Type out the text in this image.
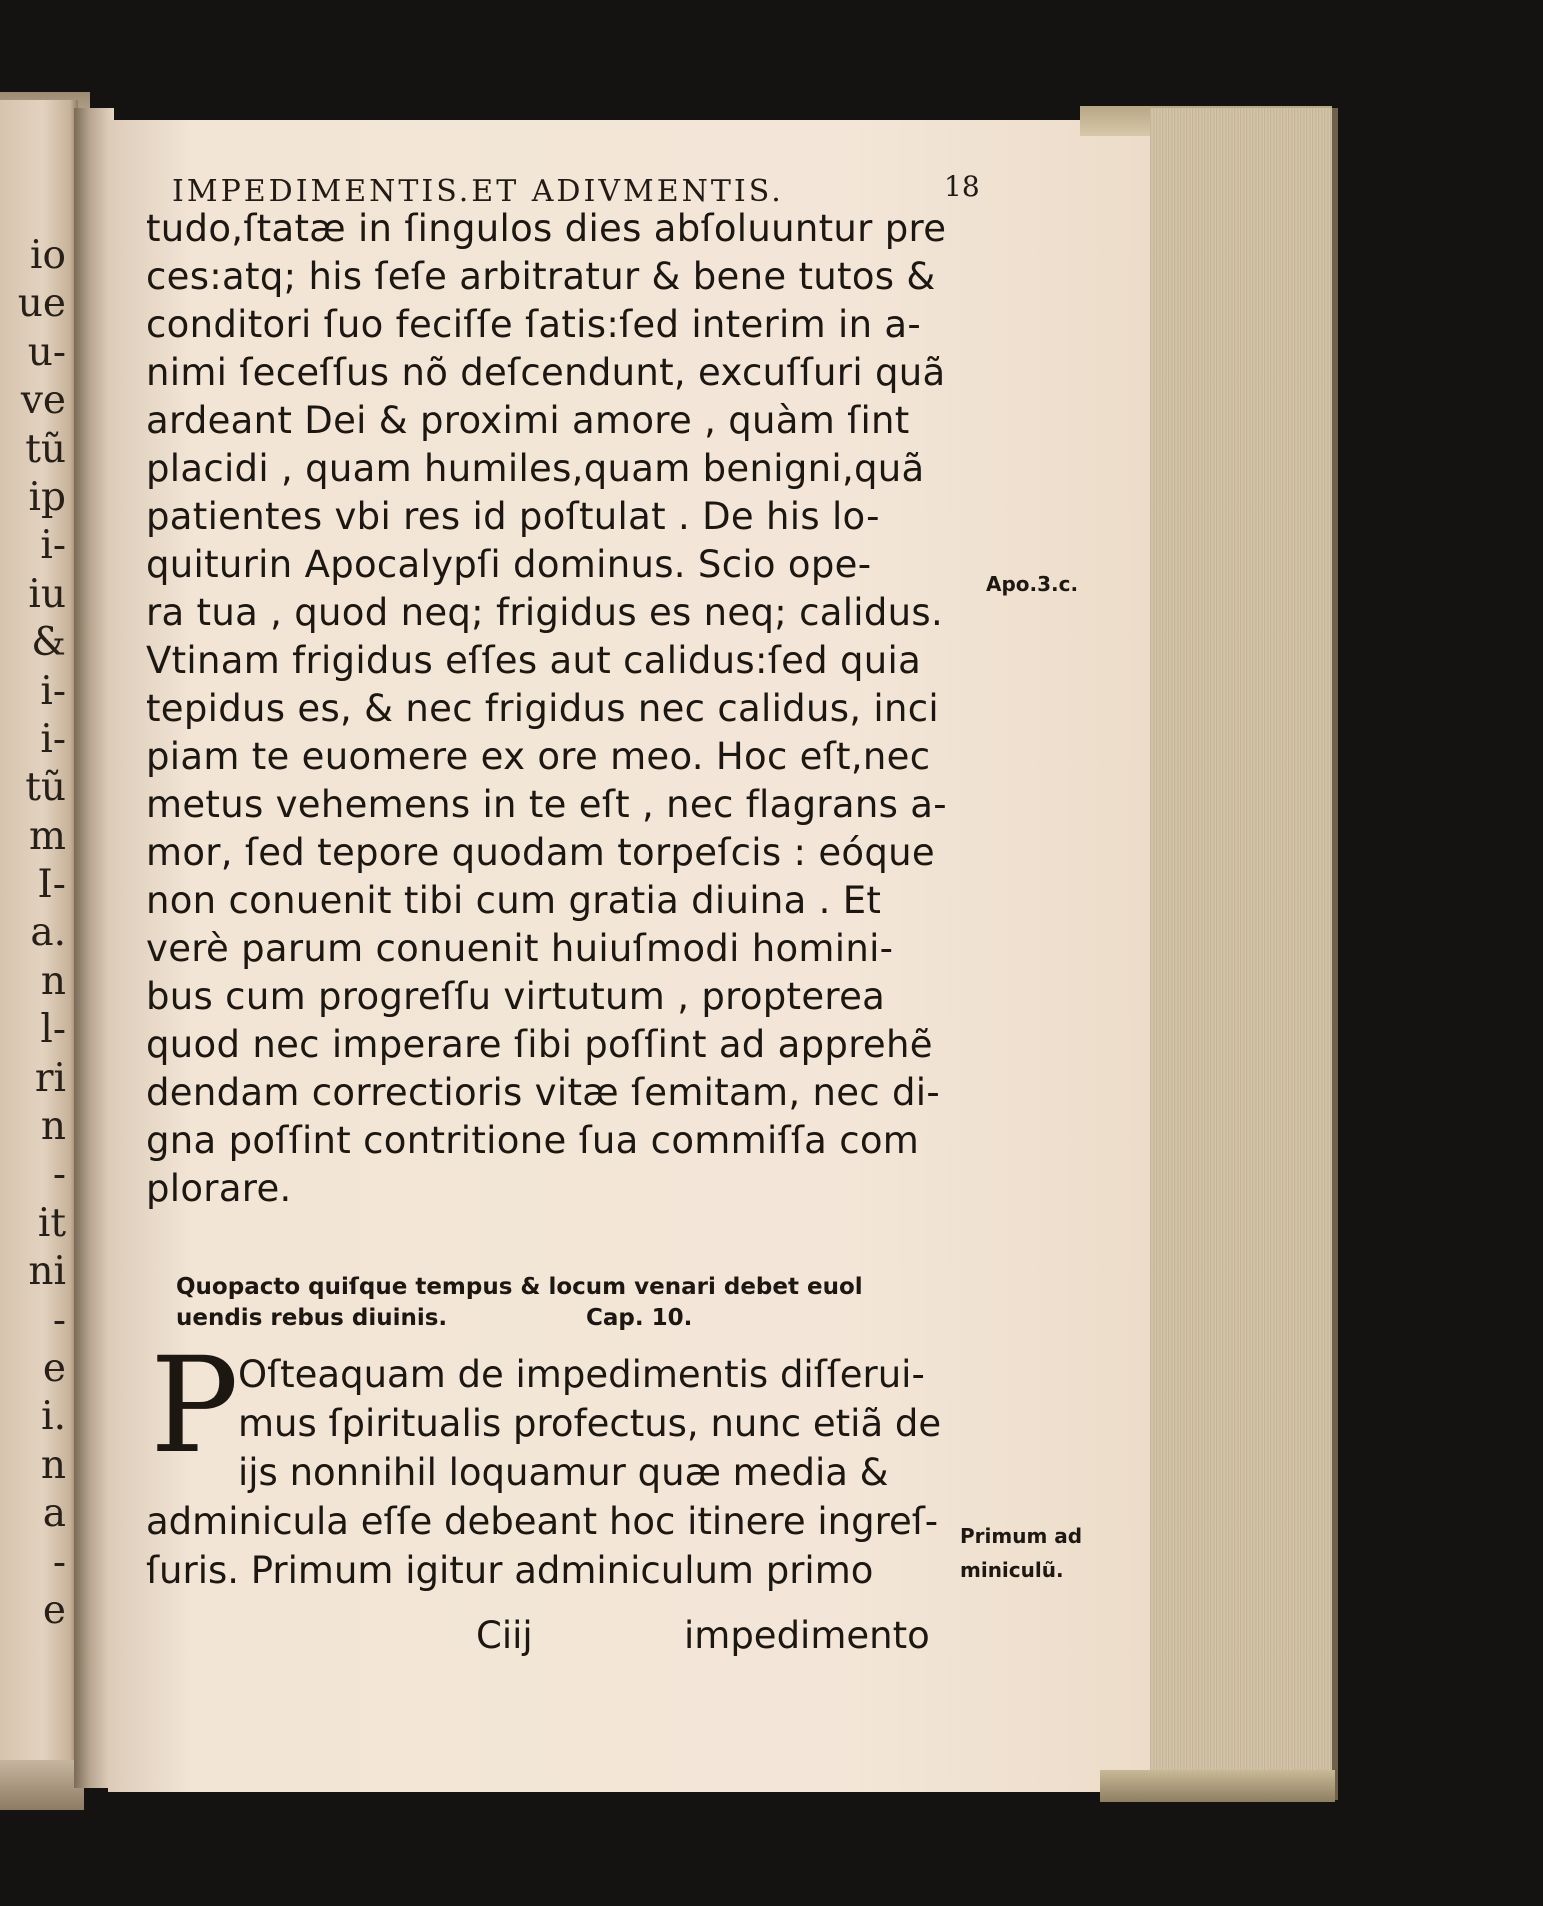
io
ue
u-
ve
tũ
ip
i-
iu
&
i-
i-
tũ
m
I-
a.
n
l-
ri
n
-
it
ni
-
e
i.
n
a
-
e
IMPEDIMENTIS.ET ADIVMENTIS.	18
tudo,ſtatæ in ſingulos dies abſoluuntur pre
ces:atq; his ſeſe arbitratur & bene tutos &
conditori ſuo feciſſe ſatis:ſed interim in a-
nimi ſeceſſus nõ deſcendunt, excuſſuri quã
ardeant Dei & proximi amore , quàm ſint
placidi , quam humiles,quam benigni,quã
patientes vbi res id poſtulat . De his lo-
quiturin Apocalypſi dominus. Scio ope-
ra tua , quod neq; frigidus es neq; calidus.
Vtinam frigidus eſſes aut calidus:ſed quia
tepidus es, & nec frigidus nec calidus, inci
piam te euomere ex ore meo. Hoc eſt,nec
metus vehemens in te eſt , nec flagrans a-
mor, ſed tepore quodam torpeſcis : eóque
non conuenit tibi cum gratia diuina . Et
verè parum conuenit huiuſmodi homini-
bus cum progreſſu virtutum , propterea
quod nec imperare ſibi poſſint ad apprehẽ
dendam correctioris vitæ ſemitam, nec di-
gna poſſint contritione ſua commiſſa com
plorare.
Apo.3.c.
Quopacto quiſque tempus & locum venari debet euol
uendis rebus diuinis.	Cap. 10.
P Oſteaquam de impedimentis diſſerui-
mus ſpiritualis profectus, nunc etiã de
ijs nonnihil loquamur quæ media &
adminicula eſſe debeant hoc itinere ingreſ-
ſuris. Primum igitur adminiculum primo
Primum ad
miniculũ.
Ciij	impedimento
